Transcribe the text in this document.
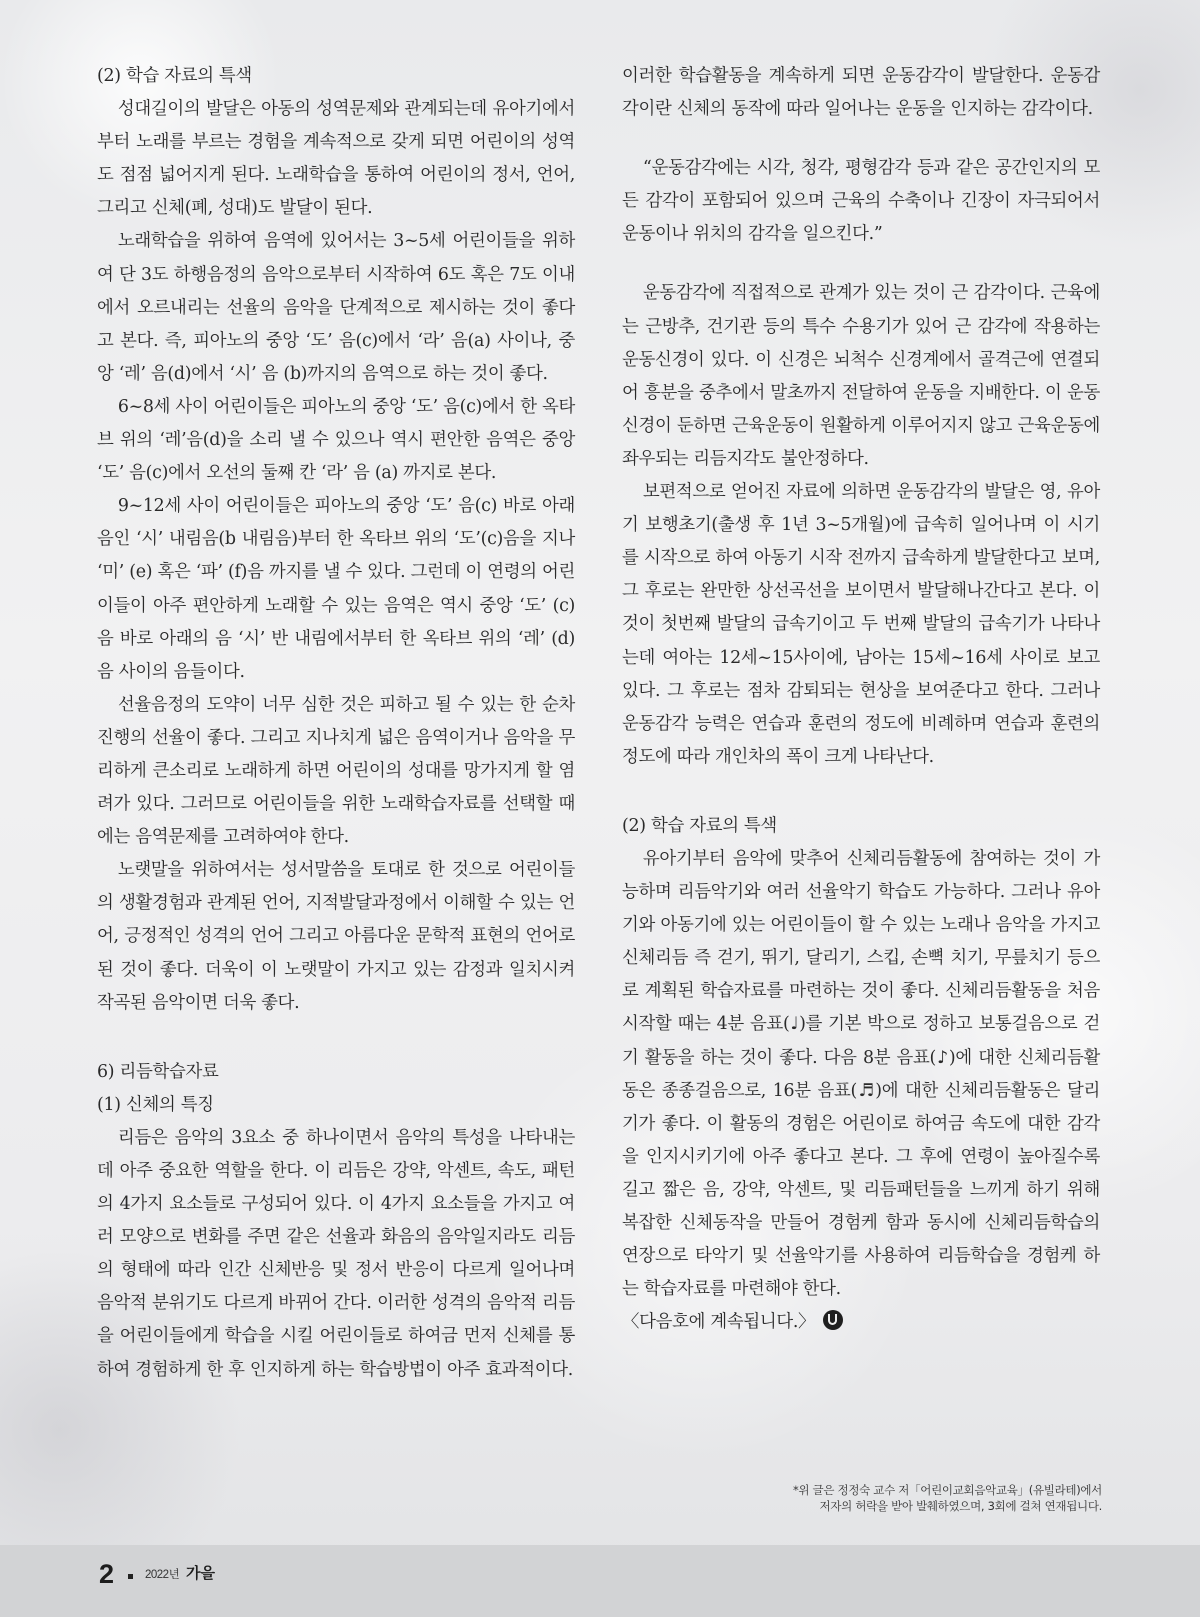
(2) 학습 자료의 특색

성대길이의 발달은 아동의 성역문제와 관계되는데 유아기에서부터 노래를 부르는 경험을 계속적으로 갖게 되면 어린이의 성역도 점점 넓어지게 된다. 노래학습을 통하여 어린이의 정서, 언어, 그리고 신체(폐, 성대)도 발달이 된다.

노래학습을 위하여 음역에 있어서는 3~5세 어린이들을 위하여 단 3도 하행음정의 음악으로부터 시작하여 6도 혹은 7도 이내에서 오르내리는 선율의 음악을 단계적으로 제시하는 것이 좋다고 본다. 즉, 피아노의 중앙 ‘도’ 음(c)에서 ‘라’ 음(a) 사이나, 중앙 ‘레’ 음(d)에서 ‘시’ 음 (b)까지의 음역으로 하는 것이 좋다.

6~8세 사이 어린이들은 피아노의 중앙 ‘도’ 음(c)에서 한 옥타브 위의 ‘레’음(d)을 소리 낼 수 있으나 역시 편안한 음역은 중앙 ‘도’ 음(c)에서 오선의 둘째 칸 ‘라’ 음 (a) 까지로 본다.

9~12세 사이 어린이들은 피아노의 중앙 ‘도’ 음(c) 바로 아래음인 ‘시’ 내림음(b 내림음)부터 한 옥타브 위의 ‘도’(c)음을 지나 ‘미’ (e) 혹은 ‘파’ (f)음 까지를 낼 수 있다. 그런데 이 연령의 어린이들이 아주 편안하게 노래할 수 있는 음역은 역시 중앙 ‘도’ (c)음 바로 아래의 음 ‘시’ 반 내림에서부터 한 옥타브 위의 ‘레’ (d)음 사이의 음들이다.

선율음정의 도약이 너무 심한 것은 피하고 될 수 있는 한 순차진행의 선율이 좋다. 그리고 지나치게 넓은 음역이거나 음악을 무리하게 큰소리로 노래하게 하면 어린이의 성대를 망가지게 할 염려가 있다. 그러므로 어린이들을 위한 노래학습자료를 선택할 때에는 음역문제를 고려하여야 한다.

노랫말을 위하여서는 성서말씀을 토대로 한 것으로 어린이들의 생활경험과 관계된 언어, 지적발달과정에서 이해할 수 있는 언어, 긍정적인 성격의 언어 그리고 아름다운 문학적 표현의 언어로 된 것이 좋다. 더욱이 이 노랫말이 가지고 있는 감정과 일치시켜 작곡된 음악이면 더욱 좋다.

6) 리듬학습자료
(1) 신체의 특징

리듬은 음악의 3요소 중 하나이면서 음악의 특성을 나타내는데 아주 중요한 역할을 한다. 이 리듬은 강약, 악센트, 속도, 패턴의 4가지 요소들로 구성되어 있다. 이 4가지 요소들을 가지고 여러 모양으로 변화를 주면 같은 선율과 화음의 음악일지라도 리듬의 형태에 따라 인간 신체반응 및 정서 반응이 다르게 일어나며 음악적 분위기도 다르게 바뀌어 간다. 이러한 성격의 음악적 리듬을 어린이들에게 학습을 시킬 어린이들로 하여금 먼저 신체를 통하여 경험하게 한 후 인지하게 하는 학습방법이 아주 효과적이다.

이러한 학습활동을 계속하게 되면 운동감각이 발달한다. 운동감각이란 신체의 동작에 따라 일어나는 운동을 인지하는 감각이다.

“운동감각에는 시각, 청각, 평형감각 등과 같은 공간인지의 모든 감각이 포함되어 있으며 근육의 수축이나 긴장이 자극되어서 운동이나 위치의 감각을 일으킨다.”

운동감각에 직접적으로 관계가 있는 것이 근 감각이다. 근육에는 근방추, 건기관 등의 특수 수용기가 있어 근 감각에 작용하는 운동신경이 있다. 이 신경은 뇌척수 신경계에서 골격근에 연결되어 흥분을 중추에서 말초까지 전달하여 운동을 지배한다. 이 운동신경이 둔하면 근육운동이 원활하게 이루어지지 않고 근육운동에 좌우되는 리듬지각도 불안정하다.

보편적으로 얻어진 자료에 의하면 운동감각의 발달은 영, 유아기 보행초기(출생 후 1년 3~5개월)에 급속히 일어나며 이 시기를 시작으로 하여 아동기 시작 전까지 급속하게 발달한다고 보며, 그 후로는 완만한 상선곡선을 보이면서 발달해나간다고 본다. 이것이 첫번째 발달의 급속기이고 두 번째 발달의 급속기가 나타나는데 여아는 12세~15사이에, 남아는 15세~16세 사이로 보고 있다. 그 후로는 점차 감퇴되는 현상을 보여준다고 한다. 그러나 운동감각 능력은 연습과 훈련의 정도에 비례하며 연습과 훈련의 정도에 따라 개인차의 폭이 크게 나타난다.

(2) 학습 자료의 특색

유아기부터 음악에 맞추어 신체리듬활동에 참여하는 것이 가능하며 리듬악기와 여러 선율악기 학습도 가능하다. 그러나 유아기와 아동기에 있는 어린이들이 할 수 있는 노래나 음악을 가지고 신체리듬 즉 걷기, 뛰기, 달리기, 스킵, 손뼉 치기, 무릎치기 등으로 계획된 학습자료를 마련하는 것이 좋다. 신체리듬활동을 처음 시작할 때는 4분 음표(♩)를 기본 박으로 정하고 보통걸음으로 걷기 활동을 하는 것이 좋다. 다음 8분 음표(♪)에 대한 신체리듬활동은 종종걸음으로, 16분 음표(♬)에 대한 신체리듬활동은 달리기가 좋다. 이 활동의 경험은 어린이로 하여금 속도에 대한 감각을 인지시키기에 아주 좋다고 본다. 그 후에 연령이 높아질수록 길고 짧은 음, 강약, 악센트, 및 리듬패턴들을 느끼게 하기 위해 복잡한 신체동작을 만들어 경험케 함과 동시에 신체리듬학습의 연장으로 타악기 및 선율악기를 사용하여 리듬학습을 경험케 하는 학습자료를 마련해야 한다.

〈다음호에 계속됩니다.〉

*위 글은 정정숙 교수 저「어린이교회음악교육」(유빌라테)에서
저자의 허락을 받아 발췌하였으며, 3회에 걸쳐 연재됩니다.
2	2022년 가을
